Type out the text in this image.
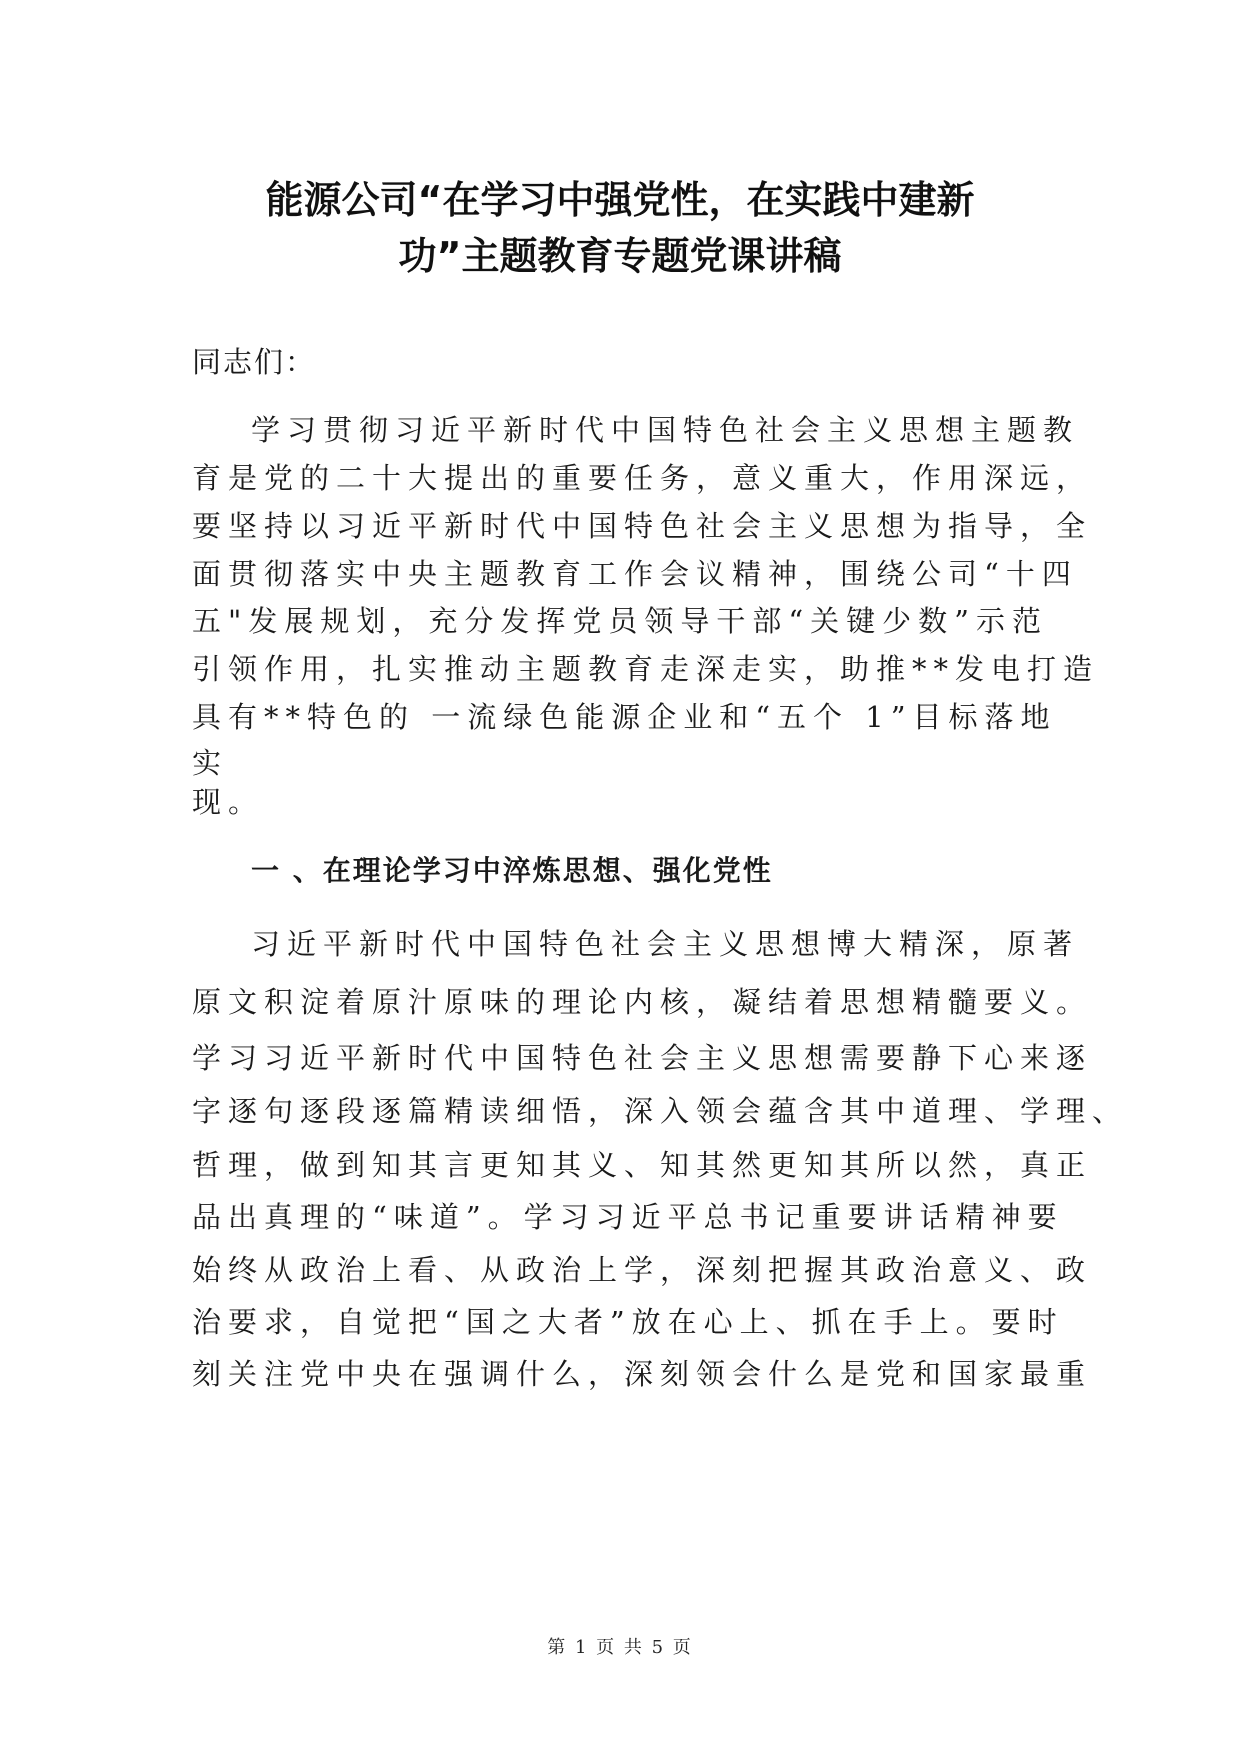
能源公司“在学习中强党性，在实践中建新
功”主题教育专题党课讲稿

同志们：

学习贯彻习近平新时代中国特色社会主义思想主题教

育是党的二十大提出的重要任务，意义重大，作用深远，

要坚持以习近平新时代中国特色社会主义思想为指导，全

面贯彻落实中央主题教育工作会议精神，围绕公司“十四

五"发展规划，充分发挥党员领导干部“关键少数”示范

引领作用，扎实推动主题教育走深走实，助推**发电打造

具有**特色的 一流绿色能源企业和“五个 1”目标落地

实

现。

一 、在理论学习中淬炼思想、强化党性

习近平新时代中国特色社会主义思想博大精深，原著

原文积淀着原汁原味的理论内核，凝结着思想精髓要义。

学习习近平新时代中国特色社会主义思想需要静下心来逐

字逐句逐段逐篇精读细悟，深入领会蕴含其中道理、学理、

哲理，做到知其言更知其义、知其然更知其所以然，真正

品出真理的“味道”。学习习近平总书记重要讲话精神要

始终从政治上看、从政治上学，深刻把握其政治意义、政

治要求，自觉把“国之大者”放在心上、抓在手上。要时

刻关注党中央在强调什么，深刻领会什么是党和国家最重

第 1 页 共 5 页
